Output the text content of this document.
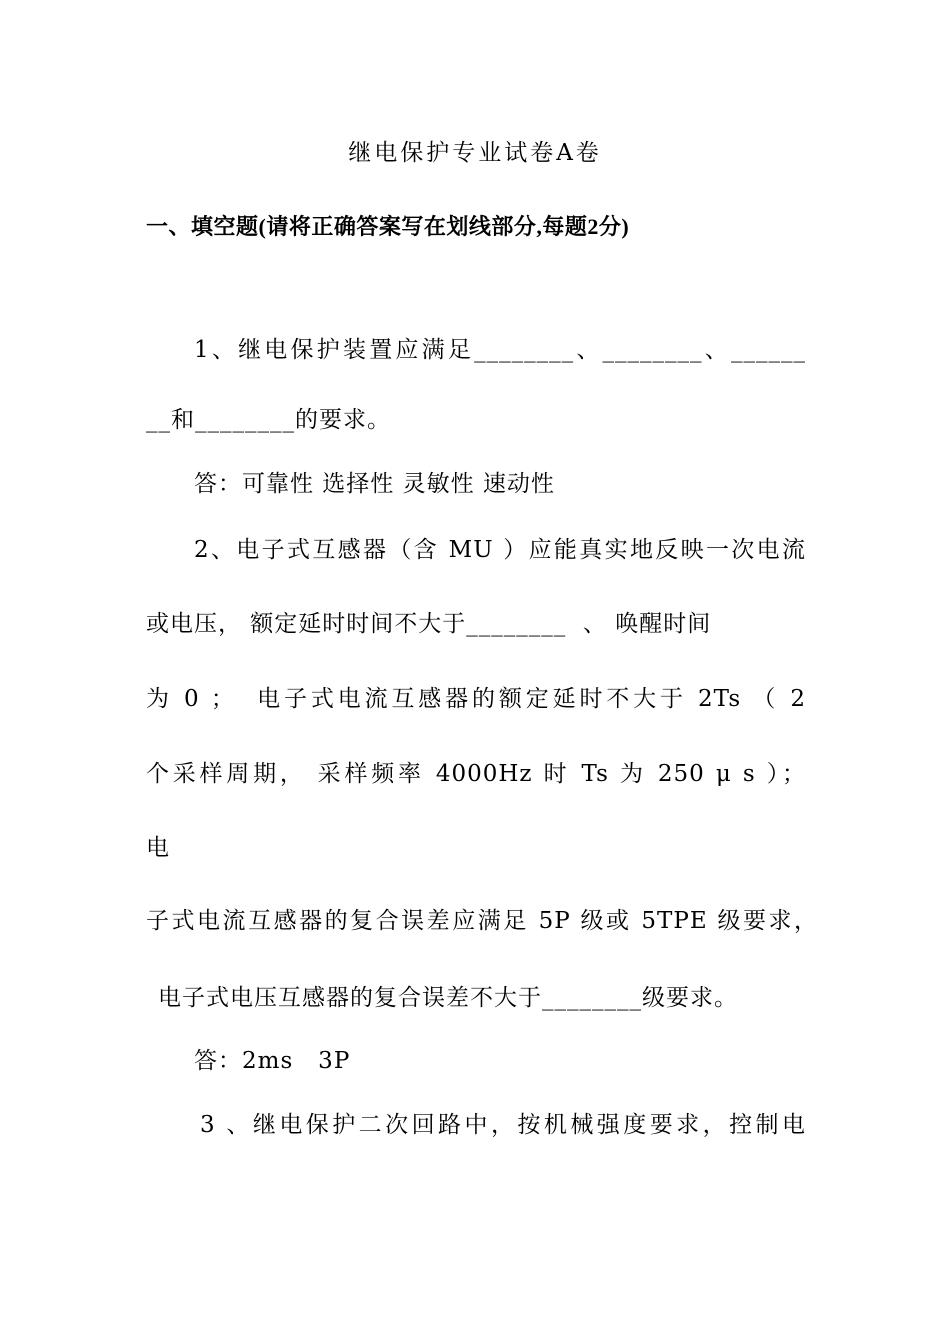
继电保护专业试卷A卷
一、填空题(请将正确答案写在划线部分,每题2分)
1、继电保护装置应满足________、________、______
__和________的要求。
答：可靠性 选择性 灵敏性 速动性
2、电子式互感器（含 MU ）应能真实地反映一次电流
或电压， 额定延时时间不大于________  、 唤醒时间
为 0 ；  电子式电流互感器的额定延时不大于 2Ts （ 2
个采样周期， 采样频率 4000Hz 时 Ts 为 250 μ s ）；
电
子式电流互感器的复合误差应满足 5P 级或 5TPE 级要求，
电子式电压互感器的复合误差不大于________级要求。
答：2ms   3P
3 、继电保护二次回路中，按机械强度要求，控制电
